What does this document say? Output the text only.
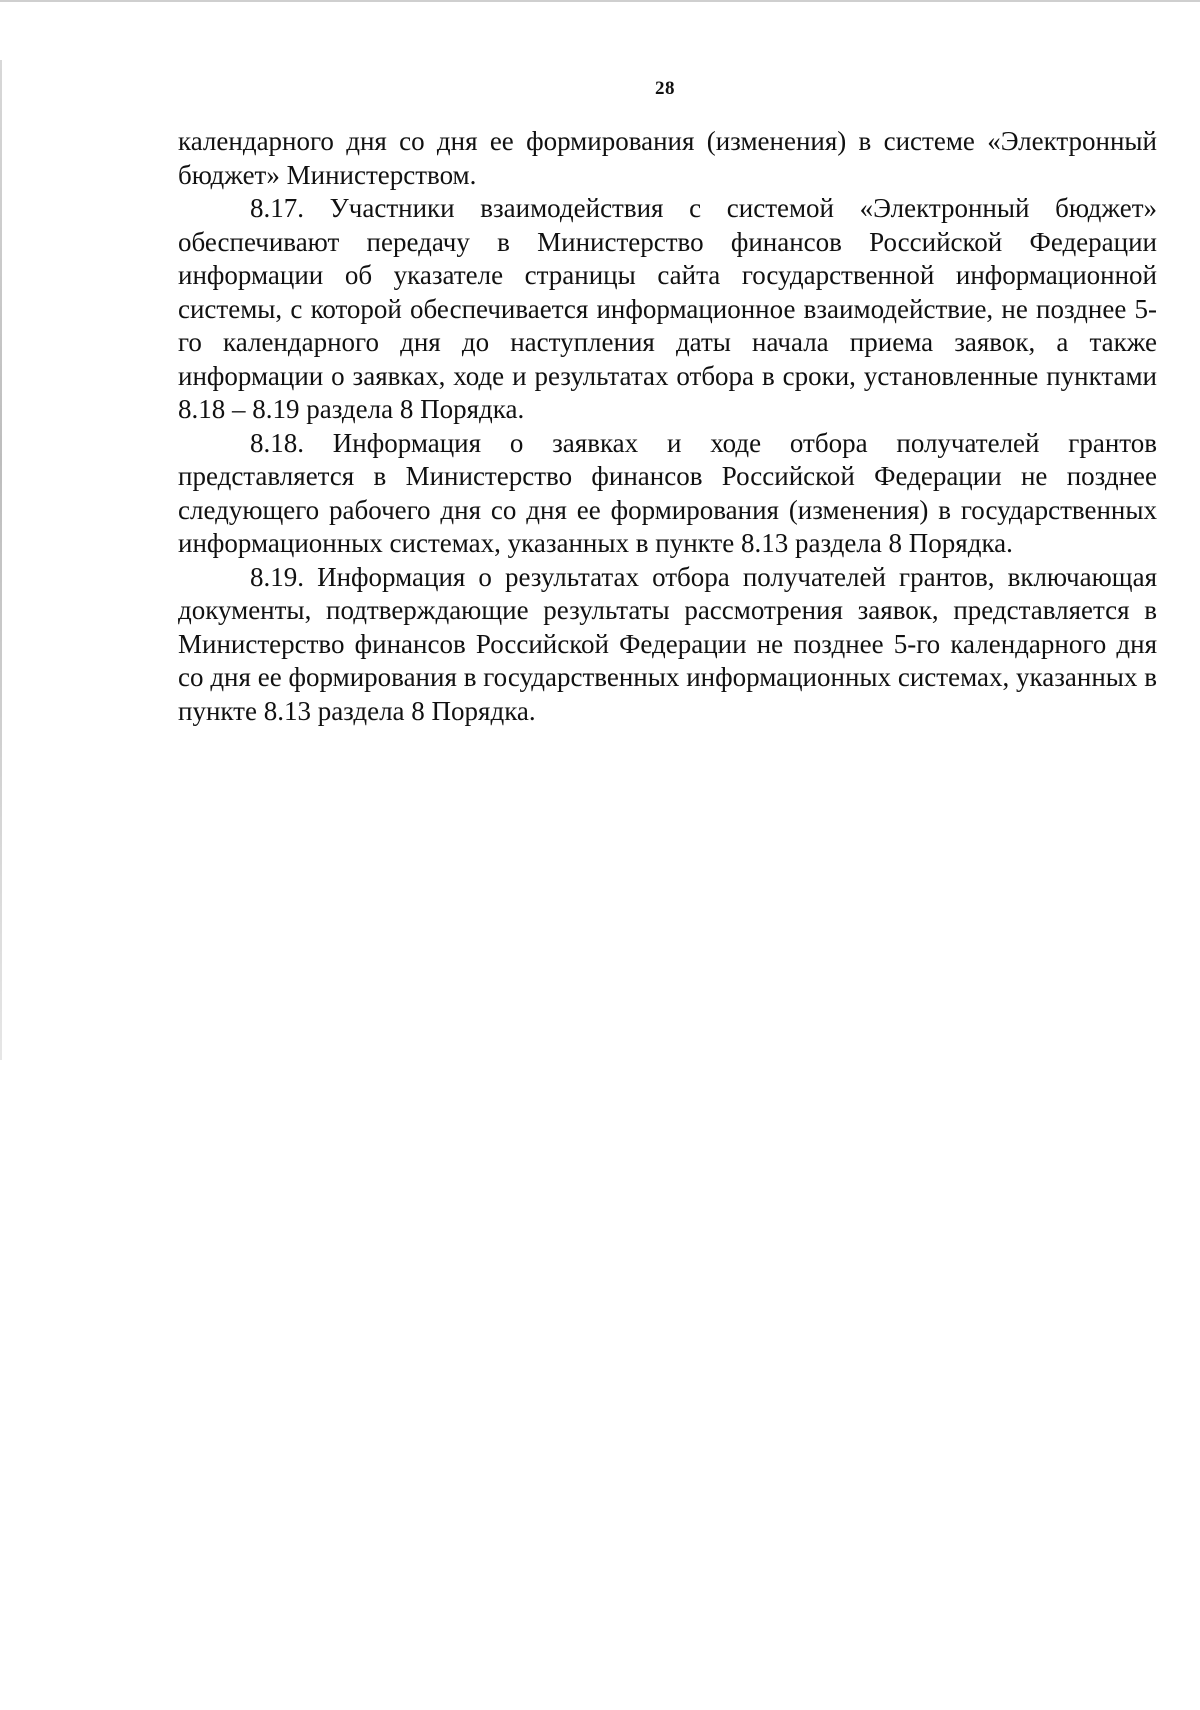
28

календарного дня со дня ее формирования (изменения) в системе «Электронный бюджет» Министерством.

8.17. Участники взаимодействия с системой «Электронный бюджет» обеспечивают передачу в Министерство финансов Российской Федерации информации об указателе страницы сайта государственной информационной системы, с которой обеспечивается информационное взаимодействие, не позднее 5-го календарного дня до наступления даты начала приема заявок, а также информации о заявках, ходе и результатах отбора в сроки, установленные пунктами 8.18 – 8.19 раздела 8 Порядка.

8.18. Информация о заявках и ходе отбора получателей грантов представляется в Министерство финансов Российской Федерации не позднее следующего рабочего дня со дня ее формирования (изменения) в государственных информационных системах, указанных в пункте 8.13 раздела 8 Порядка.

8.19. Информация о результатах отбора получателей грантов, включающая документы, подтверждающие результаты рассмотрения заявок, представляется в Министерство финансов Российской Федерации не позднее 5-го календарного дня со дня ее формирования в государственных информационных системах, указанных в пункте 8.13 раздела 8 Порядка.
